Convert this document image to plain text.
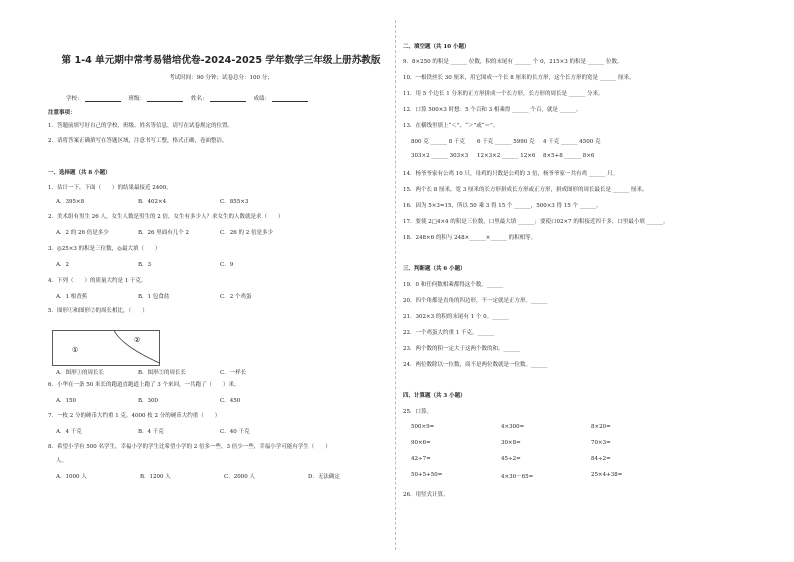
第 1-4 单元期中常考易错培优卷-2024-2025 学年数学三年级上册苏教版
考试时间：90 分钟；试卷总分：100 分；
学校：	班级：	姓名：	成绩：
注意事项：
1．答题前填写好自己的学校、班级、姓名等信息，请写在试卷规定的位置。
2．请将答案正确填写在答题区域，注意书写工整，格式正确，卷面整洁。
一、选择题（共 8 小题）
1．估计一下，下面（　　）的结果最接近 2400。
A．395×8	B．402×4	C．855×3
2．美术组有男生 26 人，女生人数是男生的 2 倍，女生有多少人？求女生的人数就是求（　　）
A．2 的 26 倍是多少	B．26 里面有几个 2	C．26 的 2 倍是多少
3．◎25×3 的积是三位数，◎最大填（　　）
A．2	B．3	C．9
4．下列（　　）的质量大约是 1 千克。
A．1 根香蕉	B．1 包食盐	C．2 个鸡蛋
5．图形①和图形②的周长相比，（　　）
①
②
A．图形①的周长长	B．图形②的周长长	C．一样长
6．小华在一条 50 米长的跑道直跑道上跑了 3 个来回，一共跑了（　　）米。
A．150	B．300	C．450
7．一枚 2 分的硬币大约重 1 克，4000 枚 2 分的硬币大约重（　　）
A．4 千克	B．4 千克	C．40 千克
8．希望小学有 500 名学生，幸福小学的学生比希望小学的 2 倍多一些，3 倍少一些，幸福小学可能有学生（　　）
人。
A．1000 人	B．1200 人	C．2000 人	D．无法确定
二、填空题（共 10 小题）
9．8×250 的积是 ______ 位数，积的末尾有 ______ 个 0，215×3 的积是 ______ 位数。
10．一根铁丝长 30 厘米，用它围成一个长 8 厘米的长方形，这个长方形的宽是 ______ 厘米。
11．用 5 个边长 1 分米的正方形拼成一个长方形，长方形的周长是 ______ 分米。
12．口算 500×3 时想：5 个百和 3 相乘得 ______ 个百，就是 ______。
13．在横线里填上“＜”、“＞”或“＝”。
800 克 ______ 8 千克	6 千克 ______ 5990 克	4 千克 ______ 4500 克
303×2 ______ 303×3	12×3×2 ______ 12×6	8×5+8 ______ 8×6
14．杨爷爷家有公鸡 10 只，母鸡的只数是公鸡的 3 倍，杨爷爷家一共有鸡 ______ 只。
15．两个长 8 厘米，宽 3 厘米的长方形拼成长方形或正方形，拼成图形的周长最长是 ______ 厘米。
16．因为 5×3=15，所以 50 乘 3 得 15 个 ______，500×3 得 15 个 ______。
17．要使 2□4×4 的积是三位数，口里最大填 ______；要使口02×7 的积接近四千多，口里最小填 ______。
18．248×6 的积与 248×______×______ 的积相等。
三、判断题（共 6 小题）
19．0 和任何数相乘都得这个数。______
20．四个角都是直角的四边形，不一定就是正方形。______
21．302×3 的积的末尾有 1 个 0。______
22．一个鸡蛋大约重 1 千克。______
23．两个数的积一定大于这两个数的和。______
24．两位数除以一位数，商不是两位数就是一位数。______
四、计算题（共 3 小题）
25．口算。
500×9=	4×300=	8×20=
90×6=	30×8=	70×3=
42÷7=	45÷2=	84÷2=
50+5+50=	4×30－65=	25×4+38=
26．用竖式计算。
